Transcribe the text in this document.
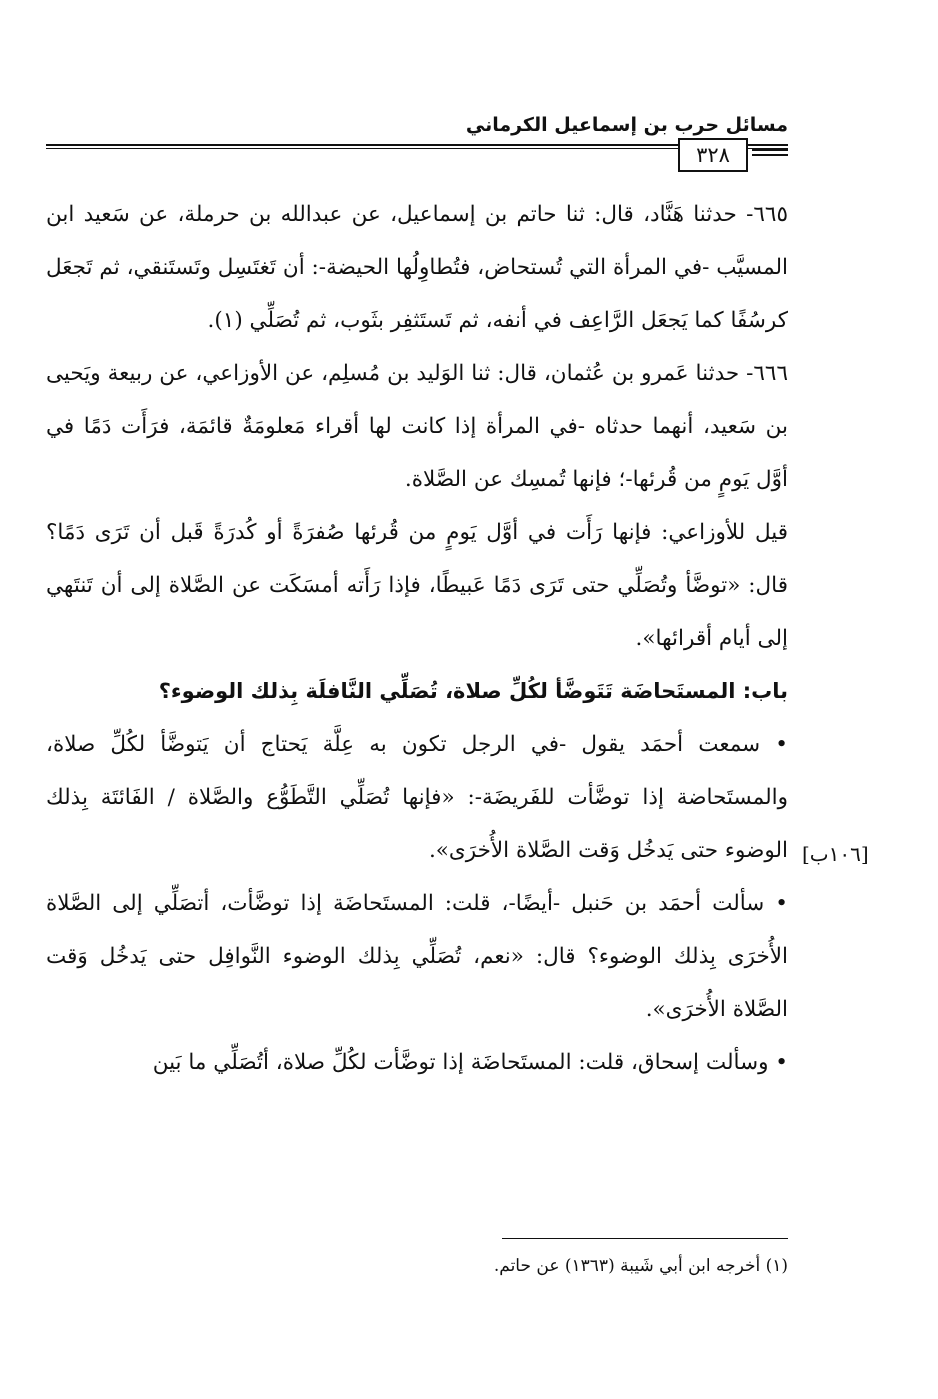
مسائل حرب بن إسماعيل الكرماني
٣٢٨

٦٦٥- حدثنا هَنَّاد، قال: ثنا حاتم بن إسماعيل، عن عبدالله بن حرملة، عن سَعيد ابن المسيَّب -في المرأة التي تُستحاض، فتُطاوِلُها الحيضة-: أن تَغتَسِل وتَستَنقي، ثم تَجعَل كرسُفًا كما يَجعَل الرَّاعِف في أنفه، ثم تَستَثفِر بثَوب، ثم تُصَلِّي (١).

٦٦٦- حدثنا عَمرو بن عُثمان، قال: ثنا الوَليد بن مُسلِم، عن الأوزاعي، عن ربيعة ويَحيى بن سَعيد، أنهما حدثاه -في المرأة إذا كانت لها أقراء مَعلومَةٌ قائمَة، فرَأَت دَمًا في أوَّل يَومٍ من قُرئها-؛ فإنها تُمسِك عن الصَّلاة.

قيل للأوزاعي: فإنها رَأَت في أوَّل يَومٍ من قُرئها صُفرَةً أو كُدرَةً قَبل أن تَرَى دَمًا؟ قال: «توضَّأ وتُصَلِّي حتى تَرَى دَمًا عَبيطًا، فإذا رَأَته أمسَكَت عن الصَّلاة إلى أن تَنتَهي إلى أيام أقرائها».

باب: المستَحاضَة تَتَوضَّأ لكُلِّ صلاة، تُصَلِّي النَّافلَة بِذلك الوضوء؟

• سمعت أحمَد يقول -في الرجل تكون به عِلَّة يَحتاج أن يَتوضَّأ لكُلِّ صلاة، والمستَحاضة إذا توضَّأت للفَريضَة-: «فإنها تُصَلِّي التَّطَوُّع والصَّلاة / الفَائتَة بِذلك الوضوء حتى يَدخُل وَقت الصَّلاة الأُخرَى».

• سألت أحمَد بن حَنبل -أيضًا-، قلت: المستَحاضَة إذا توضَّأت، أتصَلِّي إلى الصَّلاة الأُخرَى بِذلك الوضوء؟ قال: «نعم، تُصَلِّي بِذلك الوضوء النَّوافِل حتى يَدخُل وَقت الصَّلاة الأُخرَى».

• وسألت إسحاق، قلت: المستَحاضَة إذا توضَّأت لكُلِّ صلاة، أتُصَلِّي ما بَين

[١٠٦ب]
(١) أخرجه ابن أبي شَيبة (١٣٦٣) عن حاتم.
